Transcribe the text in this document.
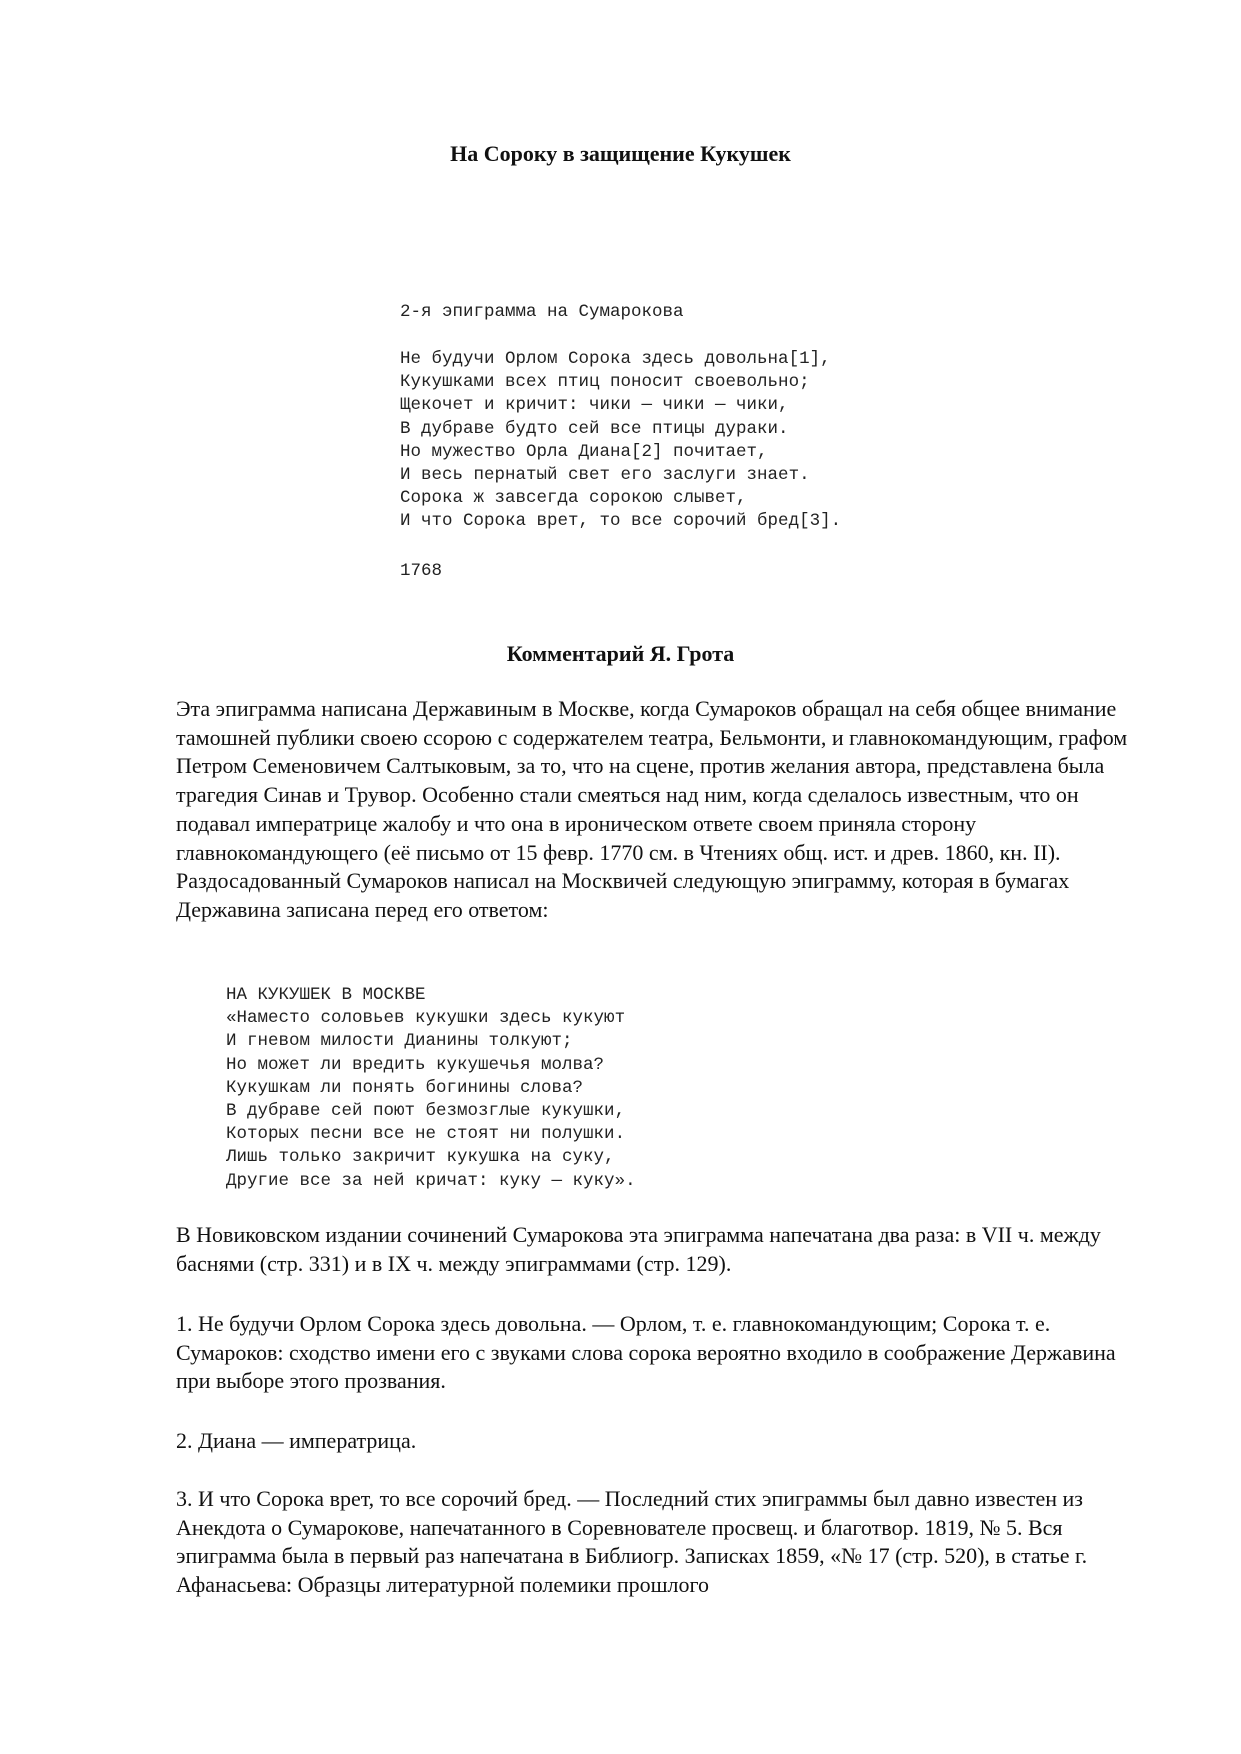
На Сороку в защищение Кукушек

2-я эпиграмма на Сумарокова

Не будучи Орлом Сорока здесь довольна[1],
Кукушками всех птиц поносит своевольно;
Щекочет и кричит: чики — чики — чики,
В дубраве будто сей все птицы дураки.
Но мужество Орла Диана[2] почитает,
И весь пернатый свет его заслуги знает.
Сорока ж завсегда сорокою слывет,
И что Сорока врет, то все сорочий бред[3].

1768

Комментарий Я. Грота

Эта эпиграмма написана Державиным в Москве, когда Сумароков обращал на себя общее внимание тамошней публики своею ссорою с содержателем театра, Бельмонти, и главнокомандующим, графом Петром Семеновичем Салтыковым, за то, что на сцене, против желания автора, представлена была трагедия Синав и Трувор. Особенно стали смеяться над ним, когда сделалось известным, что он подавал императрице жалобу и что она в ироническом ответе своем приняла сторону главнокомандующего (её письмо от 15 февр. 1770 см. в Чтениях общ. ист. и древ. 1860, кн. II). Раздосадованный Сумароков написал на Москвичей следующую эпиграмму, которая в бумагах Державина записана перед его ответом:

НА КУКУШЕК В МОСКВЕ
«Наместо соловьев кукушки здесь кукуют
И гневом милости Дианины толкуют;
Но может ли вредить кукушечья молва?
Кукушкам ли понять богинины слова?
В дубраве сей поют безмозглые кукушки,
Которых песни все не стоят ни полушки.
Лишь только закричит кукушка на суку,
Другие все за ней кричат: куку — куку».

В Новиковском издании сочинений Сумарокова эта эпиграмма напечатана два раза: в VII ч. между баснями (стр. 331) и в IX ч. между эпиграммами (стр. 129).

1. Не будучи Орлом Сорока здесь довольна. — Орлом, т. е. главнокомандующим; Сорока т. е. Сумароков: сходство имени его с звуками слова сорока вероятно входило в соображение Державина при выборе этого прозвания.

2. Диана — императрица.

3. И что Сорока врет, то все сорочий бред. — Последний стих эпиграммы был давно известен из Анекдота о Сумарокове, напечатанного в Соревнователе просвещ. и благотвор. 1819, № 5. Вся эпиграмма была в первый раз напечатана в Библиогр. Записках 1859, «№ 17 (стр. 520), в статье г. Афанасьева: Образцы литературной полемики прошлого
